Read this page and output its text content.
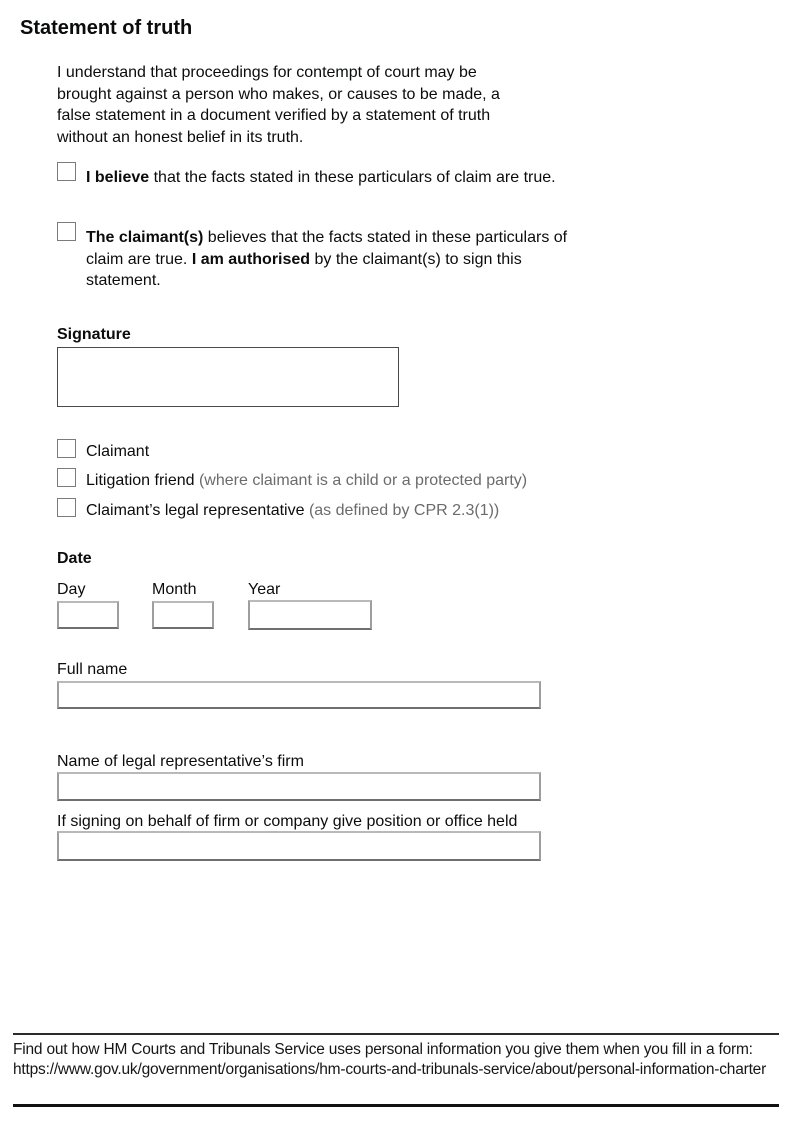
Statement of truth
I understand that proceedings for contempt of court may be brought against a person who makes, or causes to be made, a false statement in a document verified by a statement of truth without an honest belief in its truth.
I believe that the facts stated in these particulars of claim are true.
The claimant(s) believes that the facts stated in these particulars of claim are true. I am authorised by the claimant(s) to sign this statement.
Signature
Claimant
Litigation friend (where claimant is a child or a protected party)
Claimant’s legal representative (as defined by CPR 2.3(1))
Date
Day	Month	Year
Full name
Name of legal representative’s firm
If signing on behalf of firm or company give position or office held
Find out how HM Courts and Tribunals Service uses personal information you give them when you fill in a form: https://www.gov.uk/government/organisations/hm-courts-and-tribunals-service/about/personal-information-charter
